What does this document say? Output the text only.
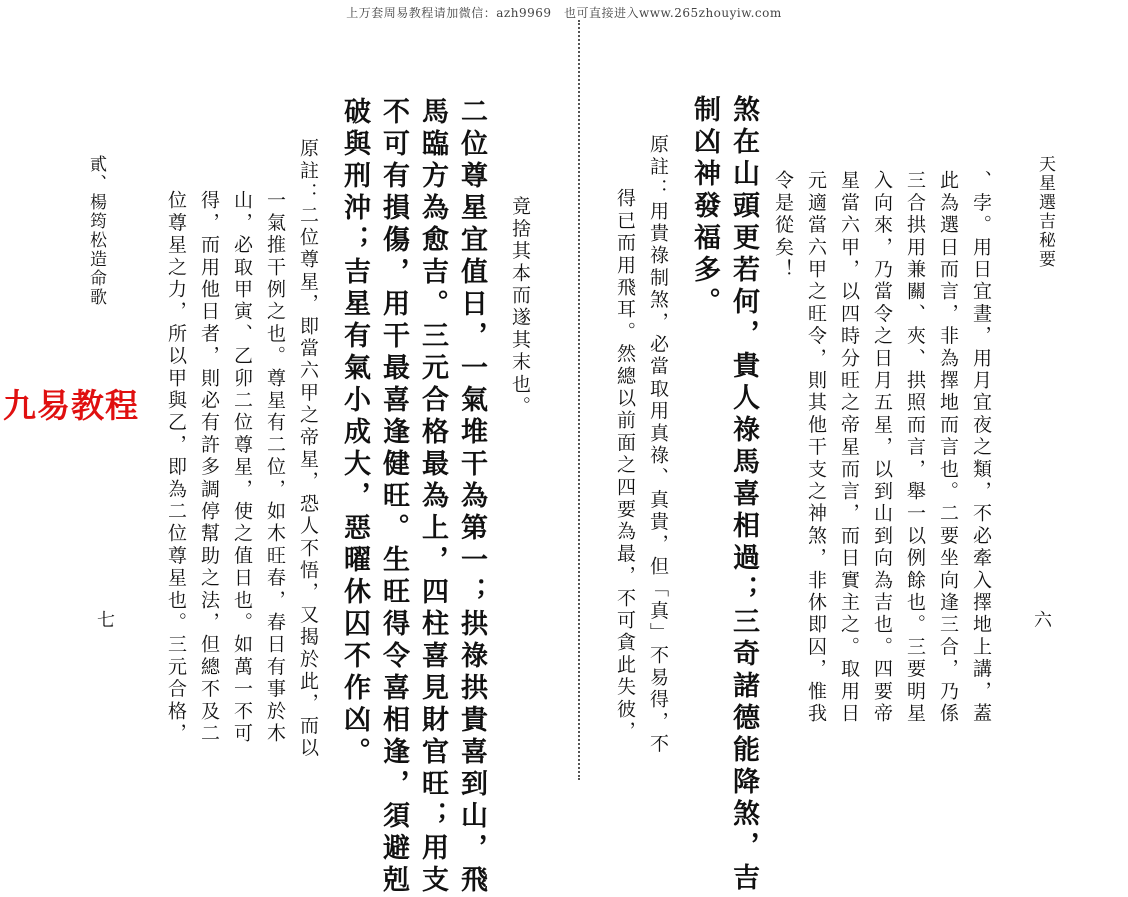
上万套周易教程请加微信：azh9969　也可直接进入www.265zhouyiw.com
竟捨其本而遂其末也。
二位尊星宜值日，一氣堆干為第一；拱祿拱貴喜到山，飛
馬臨方為愈吉。三元合格最為上，四柱喜見財官旺；用支
不可有損傷，用干最喜逢健旺。生旺得令喜相逢，須避剋
破與刑沖；吉星有氣小成大，惡曜休囚不作凶。
原註：二位尊星，即當六甲之帝星，恐人不悟，又揭於此，而以
一氣推干例之也。尊星有二位，如木旺春，春日有事於木
山，必取甲寅、乙卯二位尊星，使之值日也。如萬一不可
得，而用他日者，則必有許多調停幫助之法，但總不及二
位尊星之力，所以甲與乙，即為二位尊星也。三元合格，
貳、楊筠松造命歌
七
天星選吉秘要
、孛。用日宜晝，用月宜夜之類，不必牽入擇地上講，蓋
此為選日而言，非為擇地而言也。二要坐向逢三合，乃係
三合拱用兼關、夾、拱照而言，舉一以例餘也。三要明星
入向來，乃當令之日月五星，以到山到向為吉也。四要帝
星當六甲，以四時分旺之帝星而言，而日實主之。取用日
元適當六甲之旺令，則其他干支之神煞，非休即囚，惟我
令是從矣！
煞在山頭更若何，貴人祿馬喜相過；三奇諸德能降煞，吉
制凶神發福多。
原註：用貴祿制煞，必當取用真祿、真貴，但「真」不易得，不
得已而用飛耳。然總以前面之四要為最，不可貪此失彼，	六
九易教程
